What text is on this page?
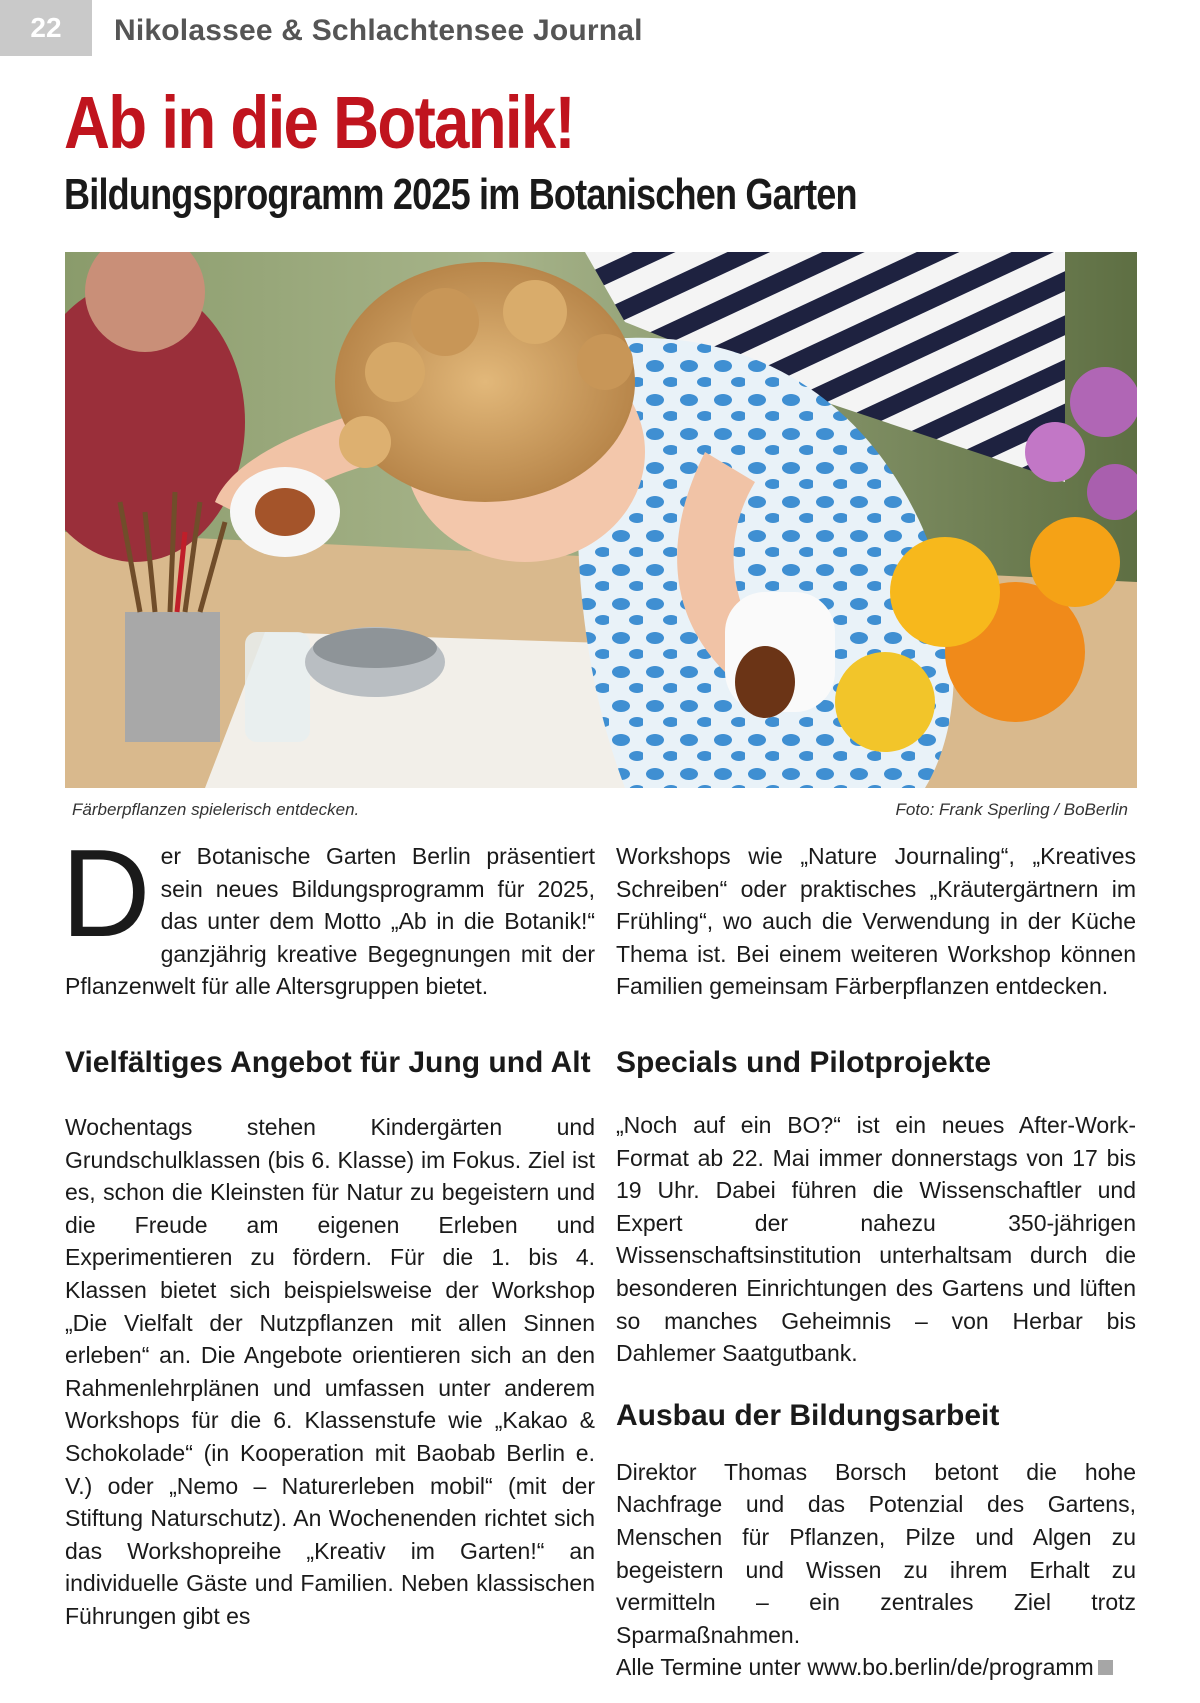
22	Nikolassee & Schlachtensee Journal
Ab in die Botanik!
Bildungsprogramm 2025 im Botanischen Garten
Färberpflanzen spielerisch entdecken.	Foto: Frank Sperling / BoBerlin

Der Botanische Garten Berlin präsentiert sein neues Bildungsprogramm für 2025, das unter dem Motto „Ab in die Botanik!“ ganzjährig kreative Begegnungen mit der Pflanzenwelt für alle Altersgruppen bietet.

Vielfältiges Angebot für Jung und Alt

Wochentags stehen Kindergärten und Grundschulklassen (bis 6. Klasse) im Fokus. Ziel ist es, schon die Kleinsten für Natur zu begeistern und die Freude am eigenen Erleben und Experimentieren zu fördern. Für die 1. bis 4. Klassen bietet sich beispielsweise der Workshop „Die Vielfalt der Nutzpflanzen mit allen Sinnen erleben“ an. Die Angebote orientieren sich an den Rahmenlehrplänen und umfassen unter anderem Workshops für die 6. Klassenstufe wie „Kakao & Schokolade“ (in Kooperation mit Baobab Berlin e. V.) oder „Nemo – Naturerleben mobil“ (mit der Stiftung Naturschutz). An Wochenenden richtet sich das Workshopreihe „Kreativ im Garten!“ an individuelle Gäste und Familien. Neben klassischen Führungen gibt es

Workshops wie „Nature Journaling“, „Kreatives Schreiben“ oder praktisches „Kräutergärtnern im Frühling“, wo auch die Verwendung in der Küche Thema ist. Bei einem weiteren Workshop können Familien gemeinsam Färberpflanzen entdecken.

Specials und Pilotprojekte

„Noch auf ein BO?“ ist ein neues After-Work-Format ab 22. Mai immer donnerstags von 17 bis 19 Uhr. Dabei führen die Wissenschaftler und Expert der nahezu 350-jährigen Wissenschaftsinstitution unterhaltsam durch die besonderen Einrichtungen des Gartens und lüften so manches Geheimnis – von Herbar bis Dahlemer Saatgutbank.

Ausbau der Bildungsarbeit

Direktor Thomas Borsch betont die hohe Nachfrage und das Potenzial des Gartens, Menschen für Pflanzen, Pilze und Algen zu begeistern und Wissen zu ihrem Erhalt zu vermitteln – ein zentrales Ziel trotz Sparmaßnahmen.

Alle Termine unter www.bo.berlin/de/programm
